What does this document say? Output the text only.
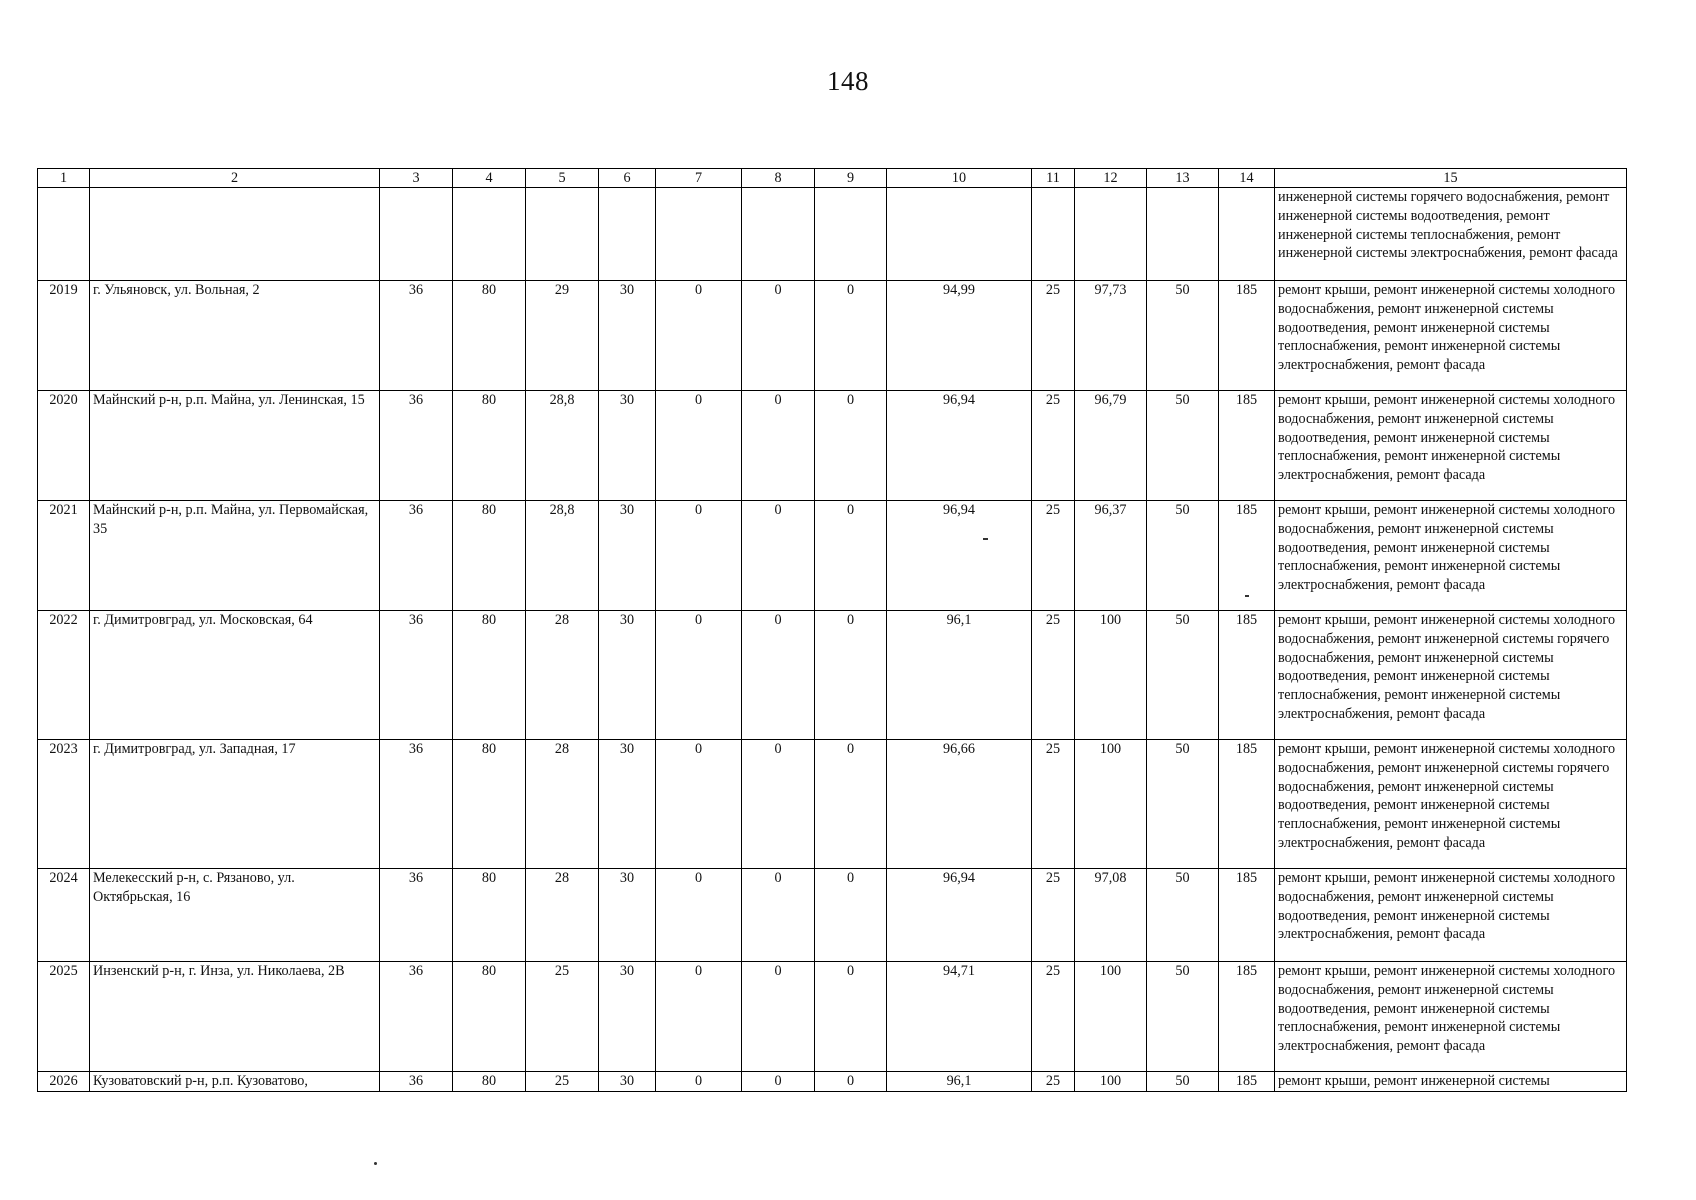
148
1	2	3	4	5	6	7	8	9	10	11	12	13	14	15
														инженерной системы горячего водоснабжения, ремонт инженерной системы водоотведения, ремонт инженерной системы теплоснабжения, ремонт инженерной системы электроснабжения, ремонт фасада
2019	г. Ульяновск, ул. Вольная, 2	36	80	29	30	0	0	0	94,99	25	97,73	50	185	ремонт крыши, ремонт инженерной системы холодного водоснабжения, ремонт инженерной системы водоотведения, ремонт инженерной системы теплоснабжения, ремонт инженерной системы электроснабжения, ремонт фасада
2020	Майнский р-н, р.п. Майна, ул. Ленинская, 15	36	80	28,8	30	0	0	0	96,94	25	96,79	50	185	ремонт крыши, ремонт инженерной системы холодного водоснабжения, ремонт инженерной системы водоотведения, ремонт инженерной системы теплоснабжения, ремонт инженерной системы электроснабжения, ремонт фасада
2021	Майнский р-н, р.п. Майна, ул. Первомайская, 35	36	80	28,8	30	0	0	0	96,94	25	96,37	50	185	ремонт крыши, ремонт инженерной системы холодного водоснабжения, ремонт инженерной системы водоотведения, ремонт инженерной системы теплоснабжения, ремонт инженерной системы электроснабжения, ремонт фасада
2022	г. Димитровград, ул. Московская, 64	36	80	28	30	0	0	0	96,1	25	100	50	185	ремонт крыши, ремонт инженерной системы холодного водоснабжения, ремонт инженерной системы горячего водоснабжения, ремонт инженерной системы водоотведения, ремонт инженерной системы теплоснабжения, ремонт инженерной системы электроснабжения, ремонт фасада
2023	г. Димитровград, ул. Западная, 17	36	80	28	30	0	0	0	96,66	25	100	50	185	ремонт крыши, ремонт инженерной системы холодного водоснабжения, ремонт инженерной системы горячего водоснабжения, ремонт инженерной системы водоотведения, ремонт инженерной системы теплоснабжения, ремонт инженерной системы электроснабжения, ремонт фасада
2024	Мелекесский р-н, с. Рязаново, ул. Октябрьская, 16	36	80	28	30	0	0	0	96,94	25	97,08	50	185	ремонт крыши, ремонт инженерной системы холодного водоснабжения, ремонт инженерной системы водоотведения, ремонт инженерной системы электроснабжения, ремонт фасада
2025	Инзенский р-н, г. Инза, ул. Николаева, 2В	36	80	25	30	0	0	0	94,71	25	100	50	185	ремонт крыши, ремонт инженерной системы холодного водоснабжения, ремонт инженерной системы водоотведения, ремонт инженерной системы теплоснабжения, ремонт инженерной системы электроснабжения, ремонт фасада
2026	Кузоватовский р-н, р.п. Кузоватово,	36	80	25	30	0	0	0	96,1	25	100	50	185	ремонт крыши, ремонт инженерной системы
